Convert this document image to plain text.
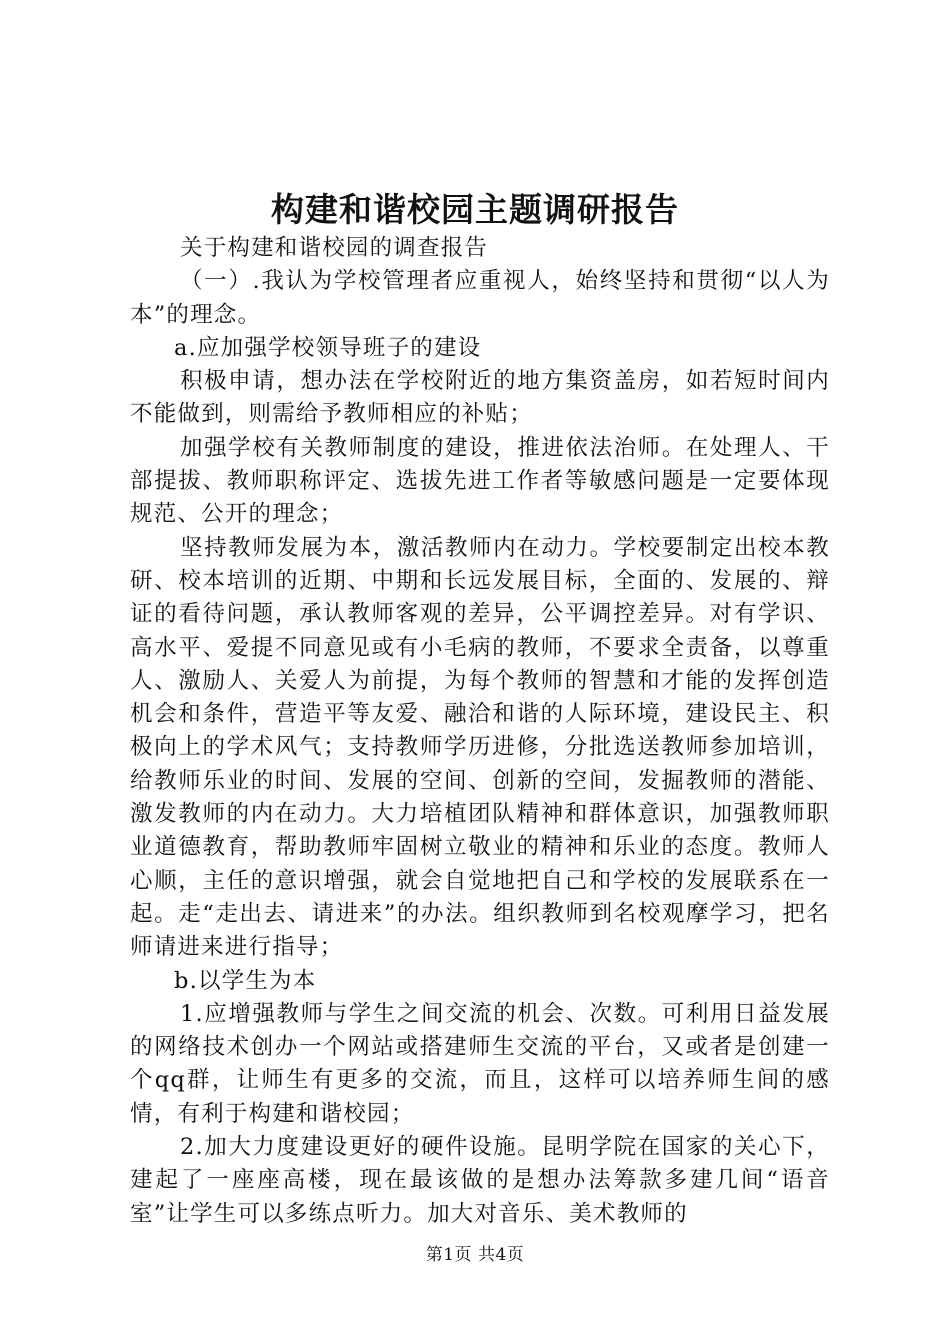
构建和谐校园主题调研报告

关于构建和谐校园的调查报告

（一）.我认为学校管理者应重视人，始终坚持和贯彻“以人为本”的理念。

a.应加强学校领导班子的建设

积极申请，想办法在学校附近的地方集资盖房，如若短时间内不能做到，则需给予教师相应的补贴；

加强学校有关教师制度的建设，推进依法治师。在处理人、干部提拔、教师职称评定、选拔先进工作者等敏感问题是一定要体现规范、公开的理念；

坚持教师发展为本，激活教师内在动力。学校要制定出校本教研、校本培训的近期、中期和长远发展目标，全面的、发展的、辩证的看待问题，承认教师客观的差异，公平调控差异。对有学识、高水平、爱提不同意见或有小毛病的教师，不要求全责备，以尊重人、激励人、关爱人为前提，为每个教师的智慧和才能的发挥创造机会和条件，营造平等友爱、融洽和谐的人际环境，建设民主、积极向上的学术风气；支持教师学历进修，分批选送教师参加培训，给教师乐业的时间、发展的空间、创新的空间，发掘教师的潜能、激发教师的内在动力。大力培植团队精神和群体意识，加强教师职业道德教育，帮助教师牢固树立敬业的精神和乐业的态度。教师人心顺，主任的意识增强，就会自觉地把自己和学校的发展联系在一起。走“走出去、请进来”的办法。组织教师到名校观摩学习，把名师请进来进行指导；

b.以学生为本

1.应增强教师与学生之间交流的机会、次数。可利用日益发展的网络技术创办一个网站或搭建师生交流的平台，又或者是创建一个qq群，让师生有更多的交流，而且，这样可以培养师生间的感情，有利于构建和谐校园；

2.加大力度建设更好的硬件设施。昆明学院在国家的关心下，建起了一座座高楼，现在最该做的是想办法筹款多建几间“语音室”让学生可以多练点听力。加大对音乐、美术教师的

第1页 共4页
